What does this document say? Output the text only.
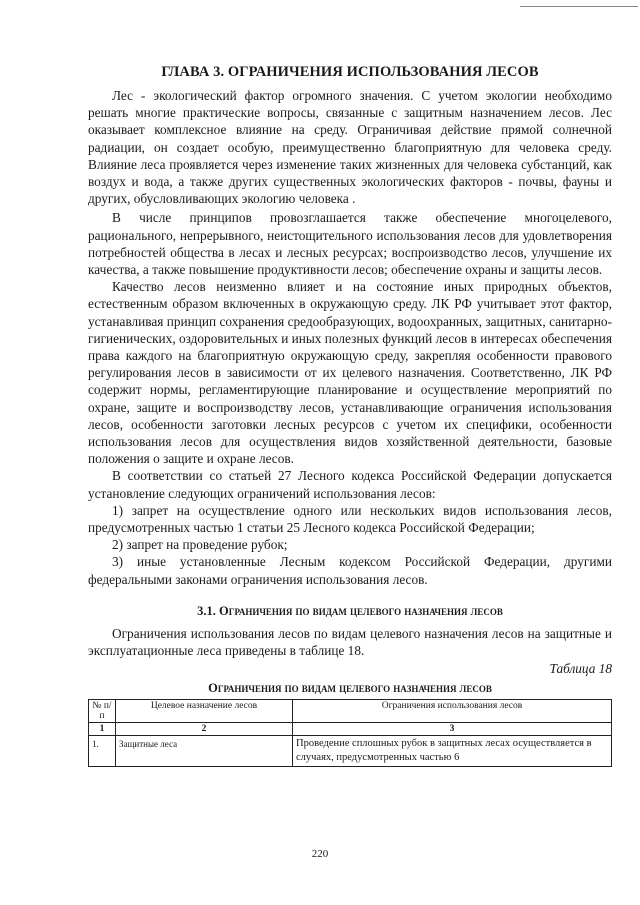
ГЛАВА 3. ОГРАНИЧЕНИЯ ИСПОЛЬЗОВАНИЯ ЛЕСОВ

Лес - экологический фактор огромного значения. С учетом экологии необходимо решать многие практические вопросы, связанные с защитным назначением лесов. Лес оказывает комплексное влияние на среду. Ограничивая действие прямой солнечной радиации, он создает особую, преимущественно благоприятную для человека среду. Влияние леса проявляется через изменение таких жизненных для человека субстанций, как воздух и вода, а также других существенных экологических факторов - почвы, фауны и других, обусловливающих экологию человека .

В числе принципов провозглашается также обеспечение многоцелевого, рационального, непрерывного, неистощительного использования лесов для удовлетворения потребностей общества в лесах и лесных ресурсах; воспроизводство лесов, улучшение их качества, а также повышение продуктивности лесов; обеспечение охраны и защиты лесов.

Качество лесов неизменно влияет и на состояние иных природных объектов, естественным образом включенных в окружающую среду. ЛК РФ учитывает этот фактор, устанавливая принцип сохранения средообразующих, водоохранных, защитных, санитарно-гигиенических, оздоровительных и иных полезных функций лесов в интересах обеспечения права каждого на благоприятную окружающую среду, закрепляя особенности правового регулирования лесов в зависимости от их целевого назначения. Соответственно, ЛК РФ содержит нормы, регламентирующие планирование и осуществление мероприятий по охране, защите и воспроизводству лесов, устанавливающие ограничения использования лесов, особенности заготовки лесных ресурсов с учетом их специфики, особенности использования лесов для осуществления видов хозяйственной деятельности, базовые положения о защите и охране лесов.

В соответствии со статьей 27 Лесного кодекса Российской Федерации допускается установление следующих ограничений использования лесов:

1) запрет на осуществление одного или нескольких видов использования лесов, предусмотренных частью 1 статьи 25 Лесного кодекса Российской Федерации;

2) запрет на проведение рубок;

3) иные установленные Лесным кодексом Российской Федерации, другими федеральными законами ограничения использования лесов.

3.1. Ограничения по видам целевого назначения лесов

Ограничения использования лесов по видам целевого назначения лесов на защитные и эксплуатационные леса приведены в таблице 18.

Таблица 18
Ограничения по видам целевого назначения лесов
№ п/п	Целевое назначение лесов	Ограничения использования лесов
1	2	3
1.	Защитные леса	Проведение сплошных рубок в защитных лесах осуществляется в случаях, предусмотренных частью 6
220
